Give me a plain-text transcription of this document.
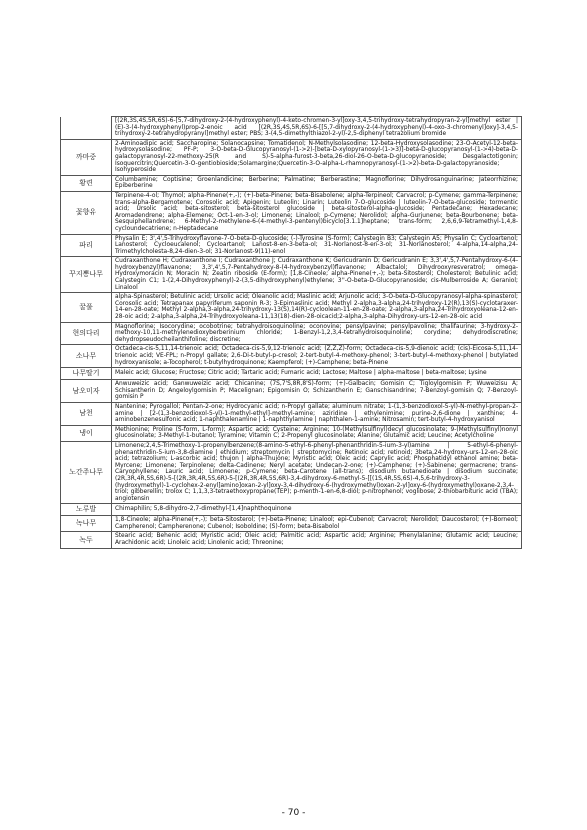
	[(2R,3S,4S,5R,6S)-6-[5,7-dihydroxy-2-(4-hydroxyphenyl)-4-keto-chromen-3-yl]oxy-3,4,5-trihydroxy-tetrahydropyran-2-yl]methyl ester | (E)-3-(4-hydroxyphenyl)prop-2-enoic acid [(2R,3S,4S,5R,6S)-6-[[5,7-dihydroxy-2-(4-hydroxyphenyl)-4-oxo-3-chromenyl]oxy]-3,4,5-trihydroxy-2-tetrahydropyranyl]methyl ester; PBS; 3-(4,5-dimethylthiazol-2-yl)-2,5-diphenyl tetrazolium bromide
까마중	2-Aminoadipic acid; Saccharopine; Solanocapsine; Tomatidenol; N-Methylsolasodine; 12-beta-Hydroxysolasodine; 23-O-Acetyl-12-beta-hydroxysolasodine; PF-P; 3-O-beta-D-Glucopyranosyl-(1->2)-[beta-D-xylopyranosyl-(1->3)]-beta-D-glucopyranosyl-(1->4)-beta-D-galactopyranosyl-22-methoxy-25(R and S)-5-alpha-furost-3-beta,26-diol-26-O-beta-D-glucopyranoside; Desgalactotigonin; Isoquercitrin;Quercetin-3-O-gentiobioside;Solamargine;Quercetin-3-O-alpha-L-rhamnopyranosyl-(1->2)-beta-D-galactopyranoside; Isohyperoside
황련	Columbamine; Coptisine; Groenlandicine; Berberine; Palmatine; Berberastine; Magnoflorine; Dihydrosanguinarine; Jateorrhizine; Epiberberine
꽃향유	Terpinene-4-ol; Thymol; alpha-Pinene(+,-); (+)-beta-Pinene; beta-Bisabolene; alpha-Terpineol; Carvacrol; p-Cymene; gamma-Terpinene; trans-alpha-Bergamotene; Corosolic acid; Apigenin; Luteolin; Linarin; Luteolin 7-O-glucoside | luteolin-7-O-beta-glucoside; tormentic acid; Ursolic acid; beta-sitosterol; beta-sitosterol glucoside | beta-sitosterol-alpha-glucoside; Pentadecane; Hexadecane; Aromadendrene; alpha-Elemene; Oct-1-en-3-ol; Limonene; Linalool; p-Cymene; Nerolidol; alpha-Gurjunene; beta-Bourbonene; beta-Sesquiphellandrene; 6-Methyl-2-methylene-6-(4-methyl-3-pentenyl)bicyclo[3.1.1]heptane; trans-form; 2,6,6,9-Tetramethyl-1,4,8-cycloundecatriene; n-Heptadecane
파리	Physalin E; 3',4',5-Trihydroxyflavone-7-O-beta-D-glucoside; (-)-Tyrosine (S-form); Calystegin B3; Calystegin A5; Physalin C; Cycloartenol; Lanosterol; Cycloeucalenol; Cycloartanol; Lanost-8-en-3-beta-ol; 31-Norlanost-8-en-3-ol; 31-Norlanosterol; 4-alpha,14-alpha,24-Trimethylcholesta-8,24-dien-3-ol; 31-Norlanost-9(11)-enol
꾸지뽕나무	Cudraxanthone H; Cudraxanthone I; Cudraxanthone J; Cudraxanthone K; Gericudranin D; Gericudranin E; 3,3',4',5,7-Pentahydroxy-6-(4-hydroxybenzyl)flavanone; 3,3',4',5,7-Pentahydroxy-8-(4-hydroxybenzyl)flavanone; Albactalol; Dihydrooxyresveratrol; omega-Hydroxymoracin N; Moracin N; Zeatin riboside (E-form); [1,8-Cineole; alpha-Pinene(+,-); beta-Sitosterol; Cholesterol; Betulinic acid; Calystegin C1; 1-(2,4-Dihydroxyphenyl)-2-(3,5-dihydroxyphenyl)ethylene; 3''-O-beta-D-Glucopyranoside; cis-Mulberroside A; Geraniol; Linalool
꿀풀	alpha-Spinasterol; Betulinic acid; Ursolic acid; Oleanolic acid; Maslinic acid; Arjunolic acid; 3-O-beta-D-Glucopyranosyl-alpha-spinasterol; Corosolic acid; Tetrapanax papyriferum saponin R-3; 3-Epimaslinic acid; Methyl 2-alpha,3-alpha,24-trihydroxy-12(R),13(S)-cyclotaraxer-14-en-28-oate; Methyl 2-alpha,3-alpha,24-trihydroxy-13(S),14(R)-cycloolean-11-en-28-oate; 2-alpha,3-alpha,24-Trihydroxyoleana-12-en-28-oic acid; 2-alpha,3-alpha,24-Trihydroxyoleana-11,13(18)-dien-28-oicacid;2-alpha,3-alpha-Dihydroxy-urs-12-en-28-oic acid
현의다리	Magnoflorine; Isocorydine; ocobotrine; tetrahydroisoquinoline; oconovine; pensylpavine; pensylpavoline; thalifaurine; 3-hydroxy-2-methoxy-10,11-methylenedioxyberberinium chloride; 1-Benzyl-1,2,3,4-tetrahydroisoquinoline; corydine; dehydrodiscretine; dehydropseudocheilanthifoline; discretine;
소나무	Octadeca-cis-5,11,14-trienoic acid; Octadeca-cis-5,9,12-trienoic acid; (Z,Z,Z)-form; Octadeca-cis-5,9-dienoic acid; (cis)-Eicosa-5,11,14-trienoic acid; VE-FPL; n-Propyl gallate; 2,6-Di-t-butyl-p-cresol; 2-tert-butyl-4-methoxy-phenol; 3-tert-butyl-4-methoxy-phenol | butylated hydroxyanisole; a-Tocopherol; t-butylhydroquinone; Kaempferol; (+)-Camphene; beta-Pinene
나무딸기	Maleic acid; Glucose; Fructose; Citric acid; Tartaric acid; Fumaric acid; Lactose; Maltose | alpha-maltose | beta-maltose; Lysine
남오미자	Anwuweizic acid; Ganwuweizic acid; Chicanine; (7S,7'S,8R,8'S)-form; (+)-Galbacin; Gomisin C; Tigloylgomisin P; Wuweizisu A; Schisantherin D; Angeloylgomisin P; Macelignan; Epigomisin O; Schizantherin E; Ganschisandrine; 7-Benzoyl-gomisin Q; 7-Benzoyl-gomisin P
남천	Nantenine; Pyrogallol; Pentan-2-one; Hydrocyanic acid; n-Propyl gallate; aluminum nitrate; 1-(1,3-benzodioxol-5-yl)-N-methyl-propan-2-amine | [2-(1,3-benzodioxol-5-yl)-1-methyl-ethyl]-methyl-amine; aziridine | ethylenimine; purine-2,6-dione | xanthine; 4-aminobenzenesulfonic acid; 1-naphthalenamine | 1-naphthylamine | naphthalen-1-amine; Nitrosamin; tert-butyl-4-hydroxyanisol
냉이	Methionine; Proline (S-form, L-form); Aspartic acid; Cysteine; Arginine; 10-(Methylsulfinyl)decyl glucosinolate; 9-(Methylsulfinyl)nonyl glucosinolate; 3-Methyl-1-butanol; Tyramine; Vitamin C; 2-Propenyl glucosinolate; Alanine; Glutamic acid; Leucine; Acetylcholine
노간주나무	Limonene;2,4,5-Trimethoxy-1-propenylbenzene;(8-amino-5-ethyl-6-phenyl-phenanthridin-5-ium-3-yl)amine | 5-ethyl-6-phenyl-phenanthridin-5-ium-3,8-diamine | ethidium; streptomycin | streptomycine; Retinoic acid; retinoid; 3beta,24-hydroxy-urs-12-en-28-oic acid; tetrazolium; L-ascorbic acid; thujon | alpha-Thujone; Myristic acid; Oleic acid; Caprylic acid; Phosphatidyl ethanol amine; beta-Myrcene; Limonene; Terpinolene; delta-Cadinene; Neryl acetate; Undecan-2-one; (+)-Camphene; (+)-Sabinene; germacrene; trans-Caryophyllene; Lauric acid; Limonene; p-Cymene; beta-Carotene (all-trans); disodium butanedioate | disodium succinate; (2R,3R,4R,5S,6R)-5-[(2R,3R,4R,5S,6R)-5-[(2R,3R,4R,5S,6R)-3,4-dihydroxy-6-methyl-5-[[(1S,4R,5S,6S)-4,5,6-trihydroxy-3-(hydroxymethyl)-1-cyclohex-2-enyl]amino]oxan-2-yl]oxy-3,4-dihydroxy-6-(hydroxymethyl)oxan-2-yl]oxy-6-(hydroxymethyl)oxane-2,3,4-triol; gibberellin; trolox C; 1,1,3,3-tetraethoxypropane(TEP); p-menth-1-en-6,8-diol; p-nitrophenol; voglibose; 2-thiobarbituric acid (TBA); angiotensin
노루발	Chimaphilin; 5,8-dihydro-2,7-dimethyl-[1,4]naphthoquinone
녹나무	1,8-Cineole; alpha-Pinene(+,-); beta-Sitosterol; (+)-beta-Pinene; Linalool; epi-Cubenol; Carvacrol; Nerolidol; Daucosterol; (+)-Borneol; Campherenol; Campherenone; Cubenol; Isoboldine; (S)-form; beta-Bisabolol
녹두	Stearic acid; Behenic acid; Myristic acid; Oleic acid; Palmitic acid; Aspartic acid; Arginine; Phenylalanine; Glutamic acid; Leucine; Arachidonic acid; Linoleic acid; Linolenic acid; Threonine;
- 70 -
